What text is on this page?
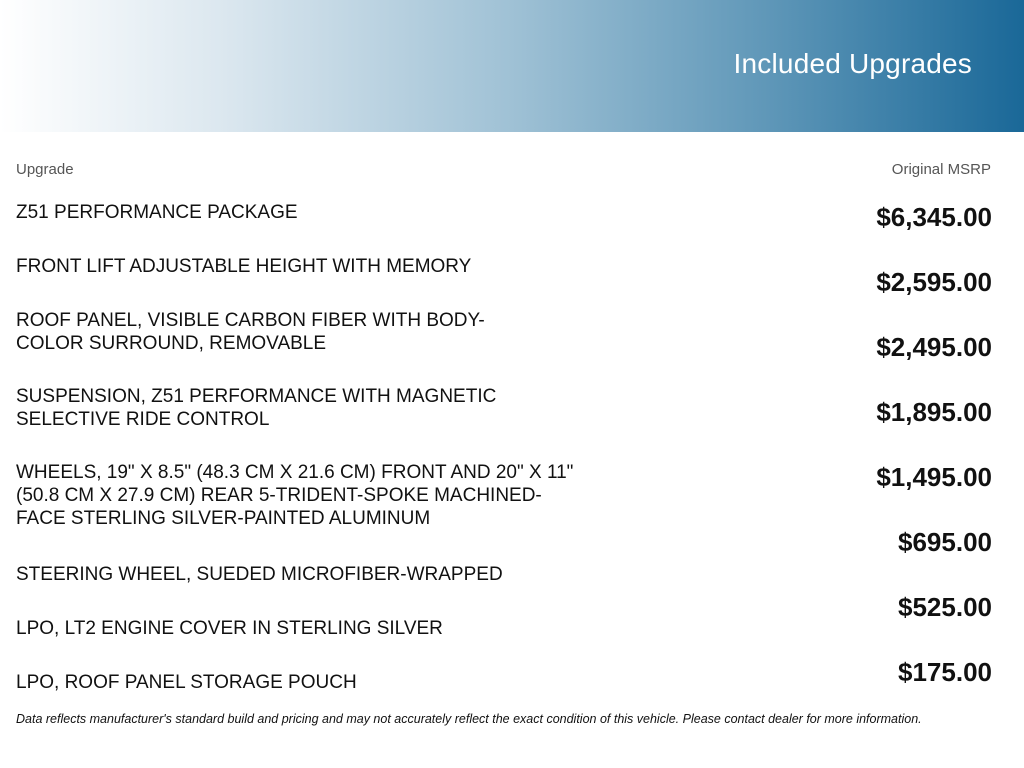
Included Upgrades
Upgrade	Original MSRP
Z51 PERFORMANCE PACKAGE
FRONT LIFT ADJUSTABLE HEIGHT WITH MEMORY
ROOF PANEL, VISIBLE CARBON FIBER WITH BODY-COLOR SURROUND, REMOVABLE
SUSPENSION, Z51 PERFORMANCE WITH MAGNETIC SELECTIVE RIDE CONTROL
WHEELS, 19" X 8.5" (48.3 CM X 21.6 CM) FRONT AND 20" X 11" (50.8 CM X 27.9 CM) REAR 5-TRIDENT-SPOKE MACHINED-FACE STERLING SILVER-PAINTED ALUMINUM
STEERING WHEEL, SUEDED MICROFIBER-WRAPPED
LPO, LT2 ENGINE COVER IN STERLING SILVER
LPO, ROOF PANEL STORAGE POUCH
$6,345.00
$2,595.00
$2,495.00
$1,895.00
$1,495.00
$695.00
$525.00
$175.00
Data reflects manufacturer's standard build and pricing and may not accurately reflect the exact condition of this vehicle. Please contact dealer for more information.
